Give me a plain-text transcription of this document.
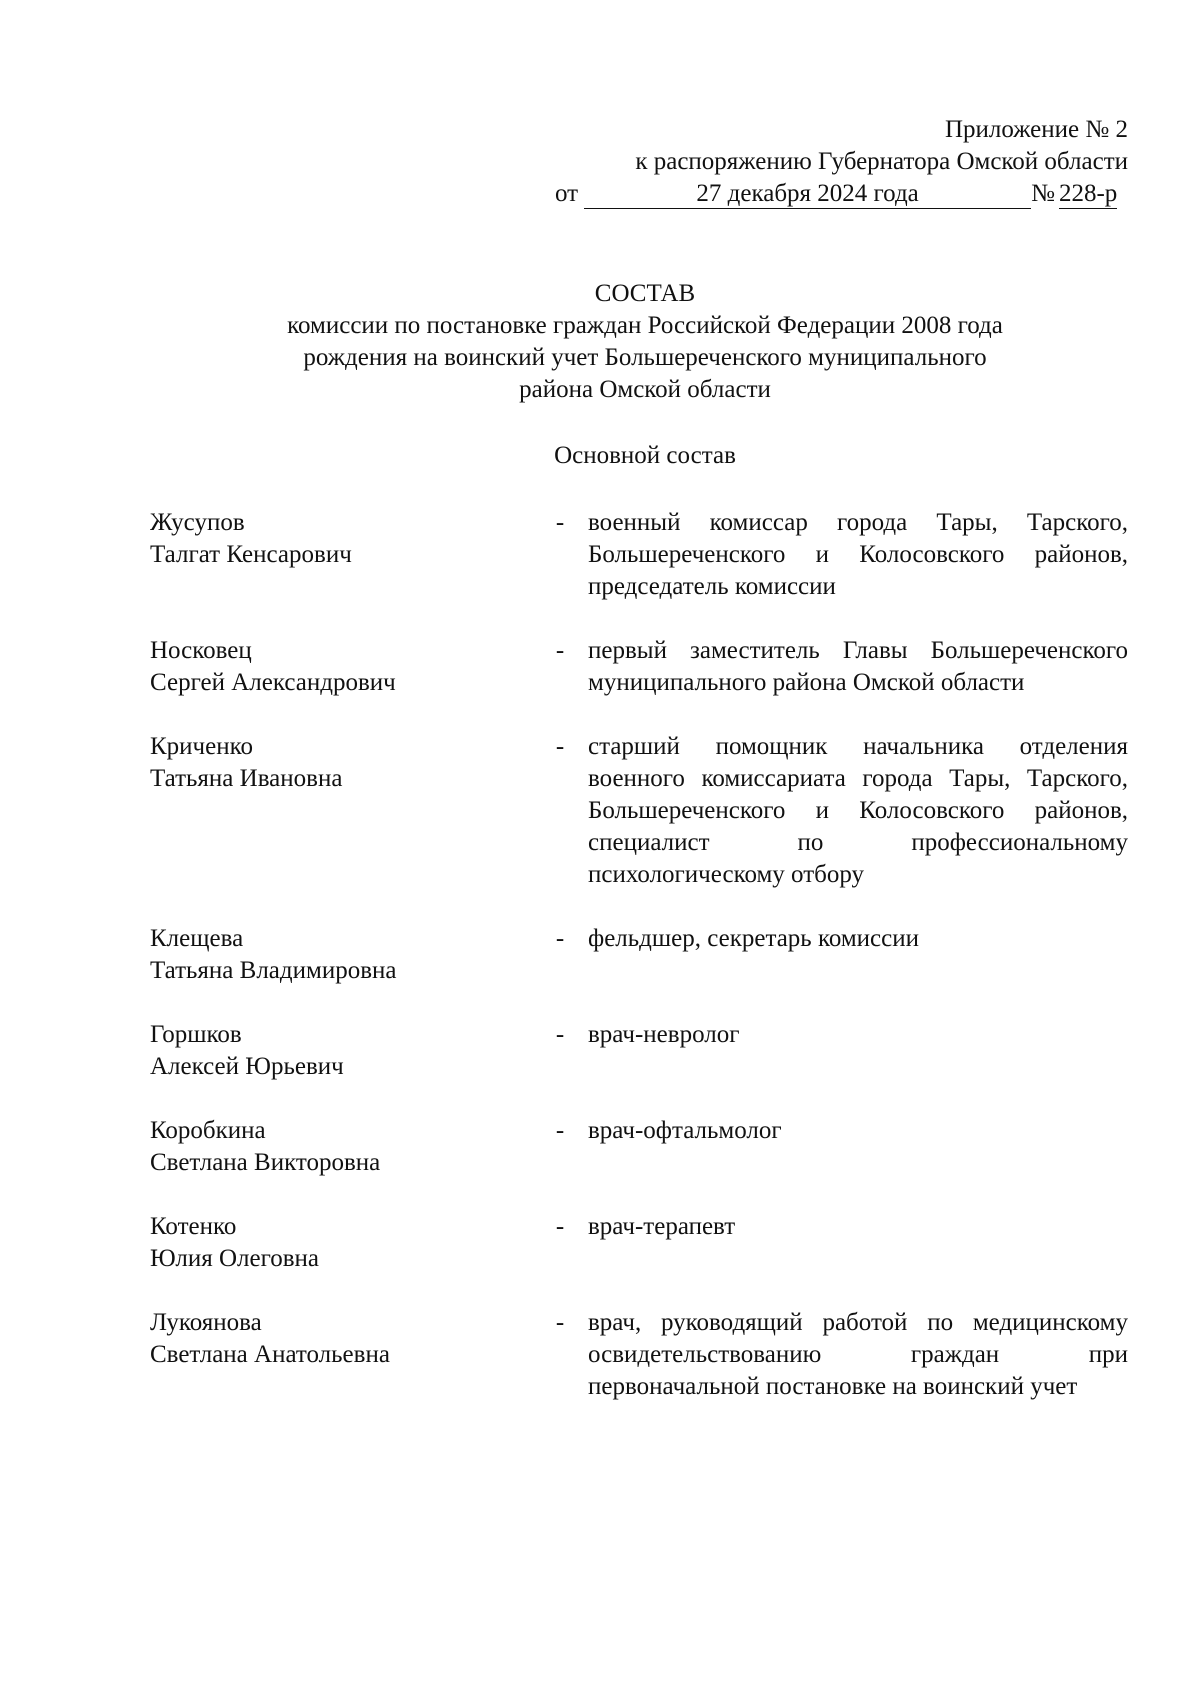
Приложение № 2
к распоряжению Губернатора Омской области
от	27 декабря 2024 года	№ 228-р
СОСТАВ
комиссии по постановке граждан Российской Федерации 2008 года
рождения на воинский учет Большереченского муниципального
района Омской области
Основной состав
Жусупов
Талгат Кенсарович
- военный комиссар города Тары, Тарского, Большереченского и Колосовского районов, председатель комиссии
Носковец
Сергей Александрович
- первый заместитель Главы Большереченского муниципального района Омской области
Криченко
Татьяна Ивановна
- старший помощник начальника отделения военного комиссариата города Тары, Тарского, Большереченского и Колосовского районов, специалист по профессиональному психологическому отбору
Клещева
Татьяна Владимировна
- фельдшер, секретарь комиссии
Горшков
Алексей Юрьевич
- врач-невролог
Коробкина
Светлана Викторовна
- врач-офтальмолог
Котенко
Юлия Олеговна
- врач-терапевт
Лукоянова
Светлана Анатольевна
- врач, руководящий работой по медицинскому освидетельствованию граждан при первоначальной постановке на воинский учет
